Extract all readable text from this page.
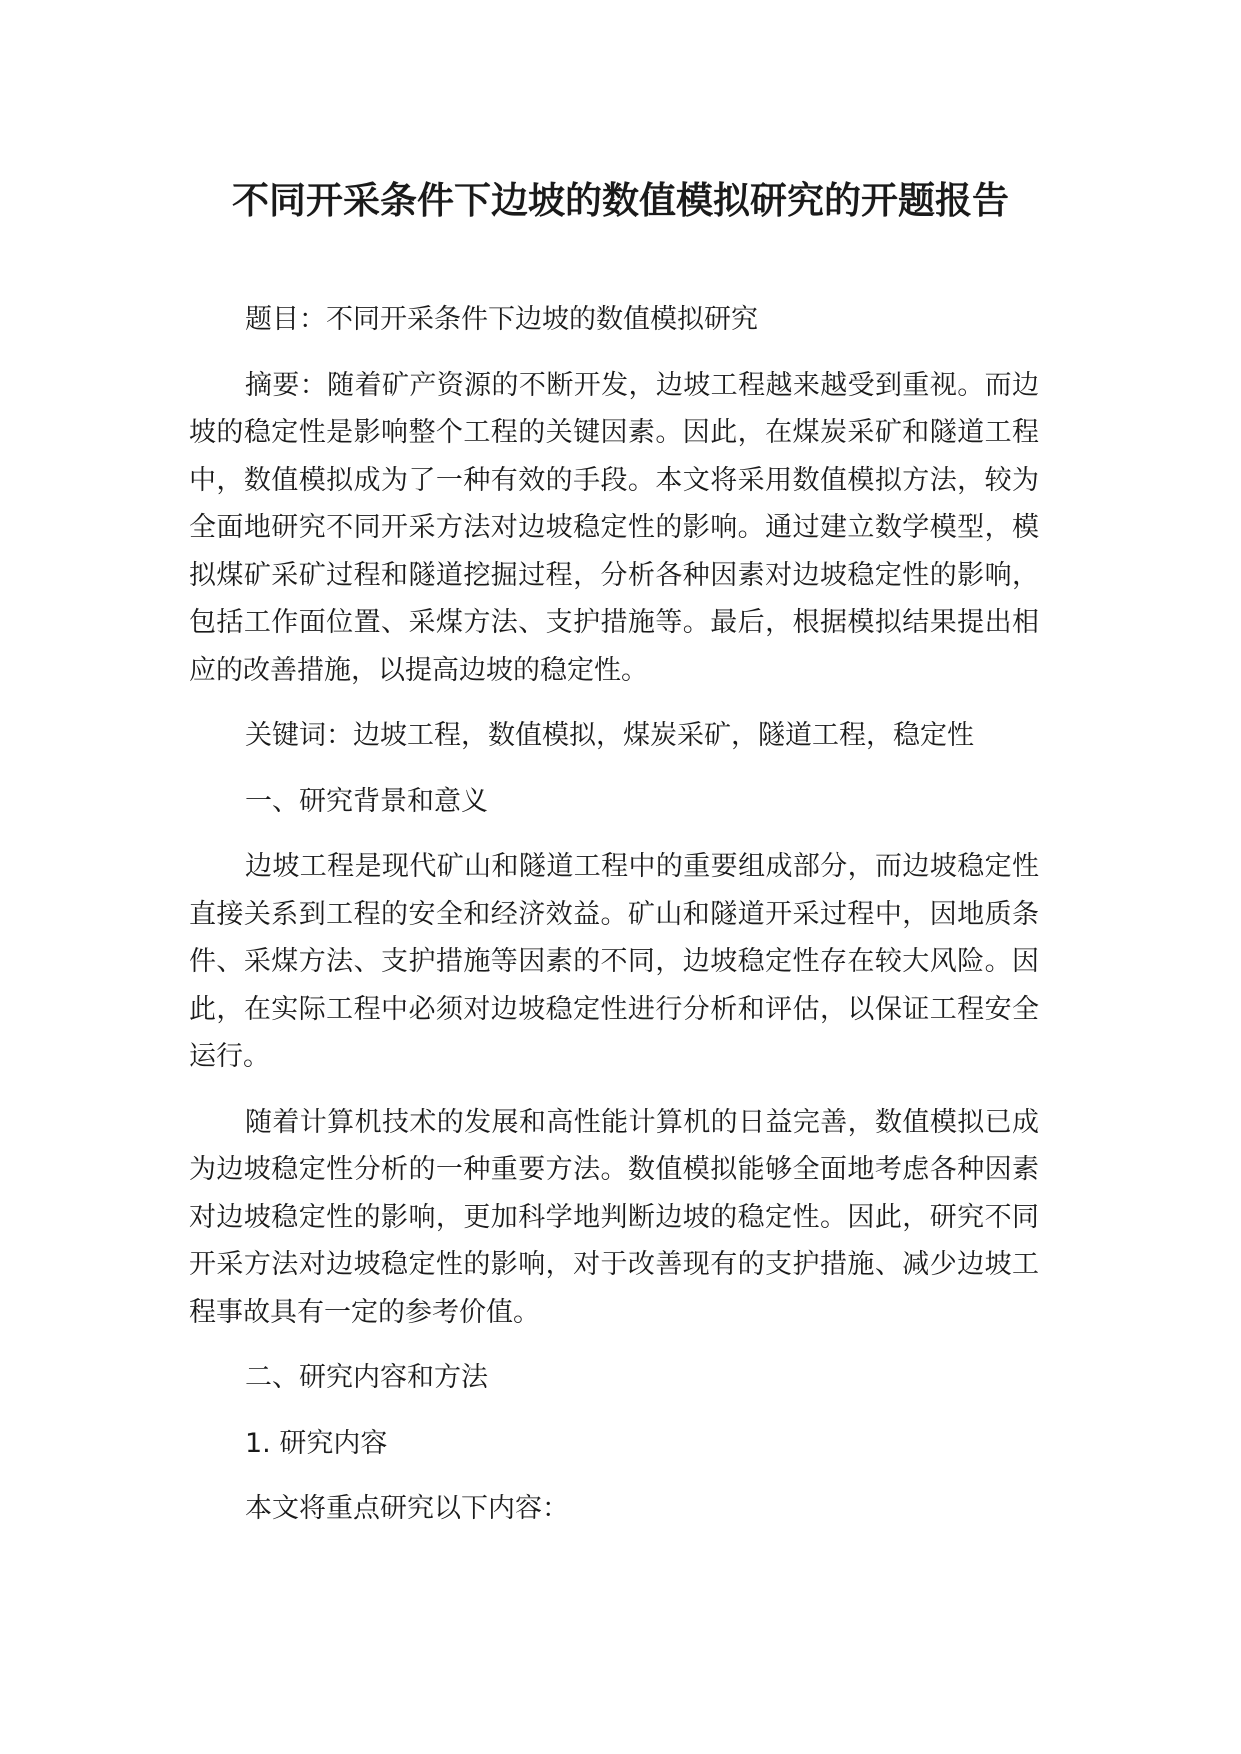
不同开采条件下边坡的数值模拟研究的开题报告

题目：不同开采条件下边坡的数值模拟研究

摘要：随着矿产资源的不断开发，边坡工程越来越受到重视。而边坡的稳定性是影响整个工程的关键因素。因此，在煤炭采矿和隧道工程中，数值模拟成为了一种有效的手段。本文将采用数值模拟方法，较为全面地研究不同开采方法对边坡稳定性的影响。通过建立数学模型，模拟煤矿采矿过程和隧道挖掘过程，分析各种因素对边坡稳定性的影响，包括工作面位置、采煤方法、支护措施等。最后，根据模拟结果提出相应的改善措施，以提高边坡的稳定性。

关键词：边坡工程，数值模拟，煤炭采矿，隧道工程，稳定性

一、研究背景和意义

边坡工程是现代矿山和隧道工程中的重要组成部分，而边坡稳定性直接关系到工程的安全和经济效益。矿山和隧道开采过程中，因地质条件、采煤方法、支护措施等因素的不同，边坡稳定性存在较大风险。因此，在实际工程中必须对边坡稳定性进行分析和评估，以保证工程安全运行。

随着计算机技术的发展和高性能计算机的日益完善，数值模拟已成为边坡稳定性分析的一种重要方法。数值模拟能够全面地考虑各种因素对边坡稳定性的影响，更加科学地判断边坡的稳定性。因此，研究不同开采方法对边坡稳定性的影响，对于改善现有的支护措施、减少边坡工程事故具有一定的参考价值。

二、研究内容和方法

1. 研究内容

本文将重点研究以下内容：
